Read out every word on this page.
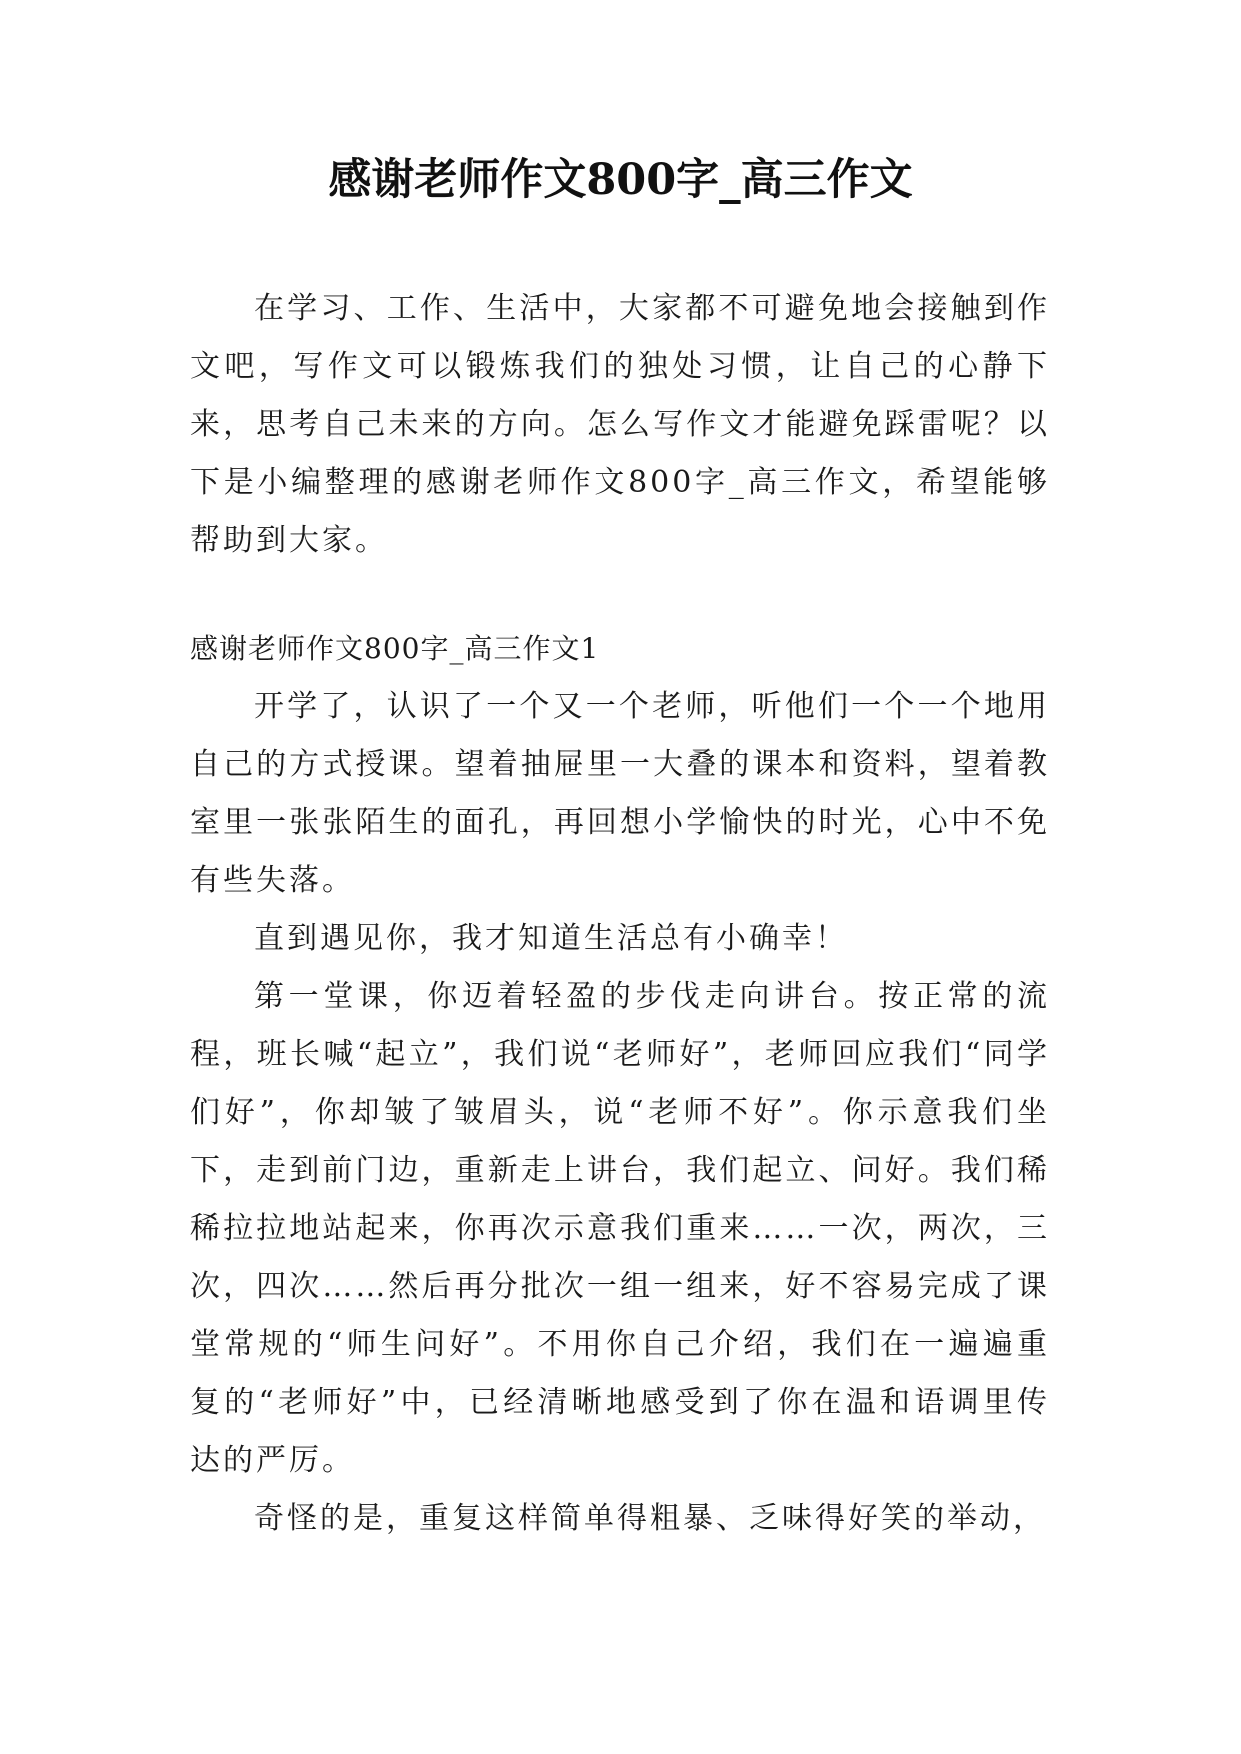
感谢老师作文800字_高三作文

在学习、工作、生活中，大家都不可避免地会接触到作文吧，写作文可以锻炼我们的独处习惯，让自己的心静下来，思考自己未来的方向。怎么写作文才能避免踩雷呢？以下是小编整理的感谢老师作文800字_高三作文，希望能够帮助到大家。

感谢老师作文800字_高三作文1

开学了，认识了一个又一个老师，听他们一个一个地用自己的方式授课。望着抽屉里一大叠的课本和资料，望着教室里一张张陌生的面孔，再回想小学愉快的时光，心中不免有些失落。

直到遇见你，我才知道生活总有小确幸！

第一堂课，你迈着轻盈的步伐走向讲台。按正常的流程，班长喊“起立”，我们说“老师好”，老师回应我们“同学们好”，你却皱了皱眉头，说“老师不好”。你示意我们坐下，走到前门边，重新走上讲台，我们起立、问好。我们稀稀拉拉地站起来，你再次示意我们重来……一次，两次，三次，四次……然后再分批次一组一组来，好不容易完成了课堂常规的“师生问好”。不用你自己介绍，我们在一遍遍重复的“老师好”中，已经清晰地感受到了你在温和语调里传达的严厉。

奇怪的是，重复这样简单得粗暴、乏味得好笑的举动，
